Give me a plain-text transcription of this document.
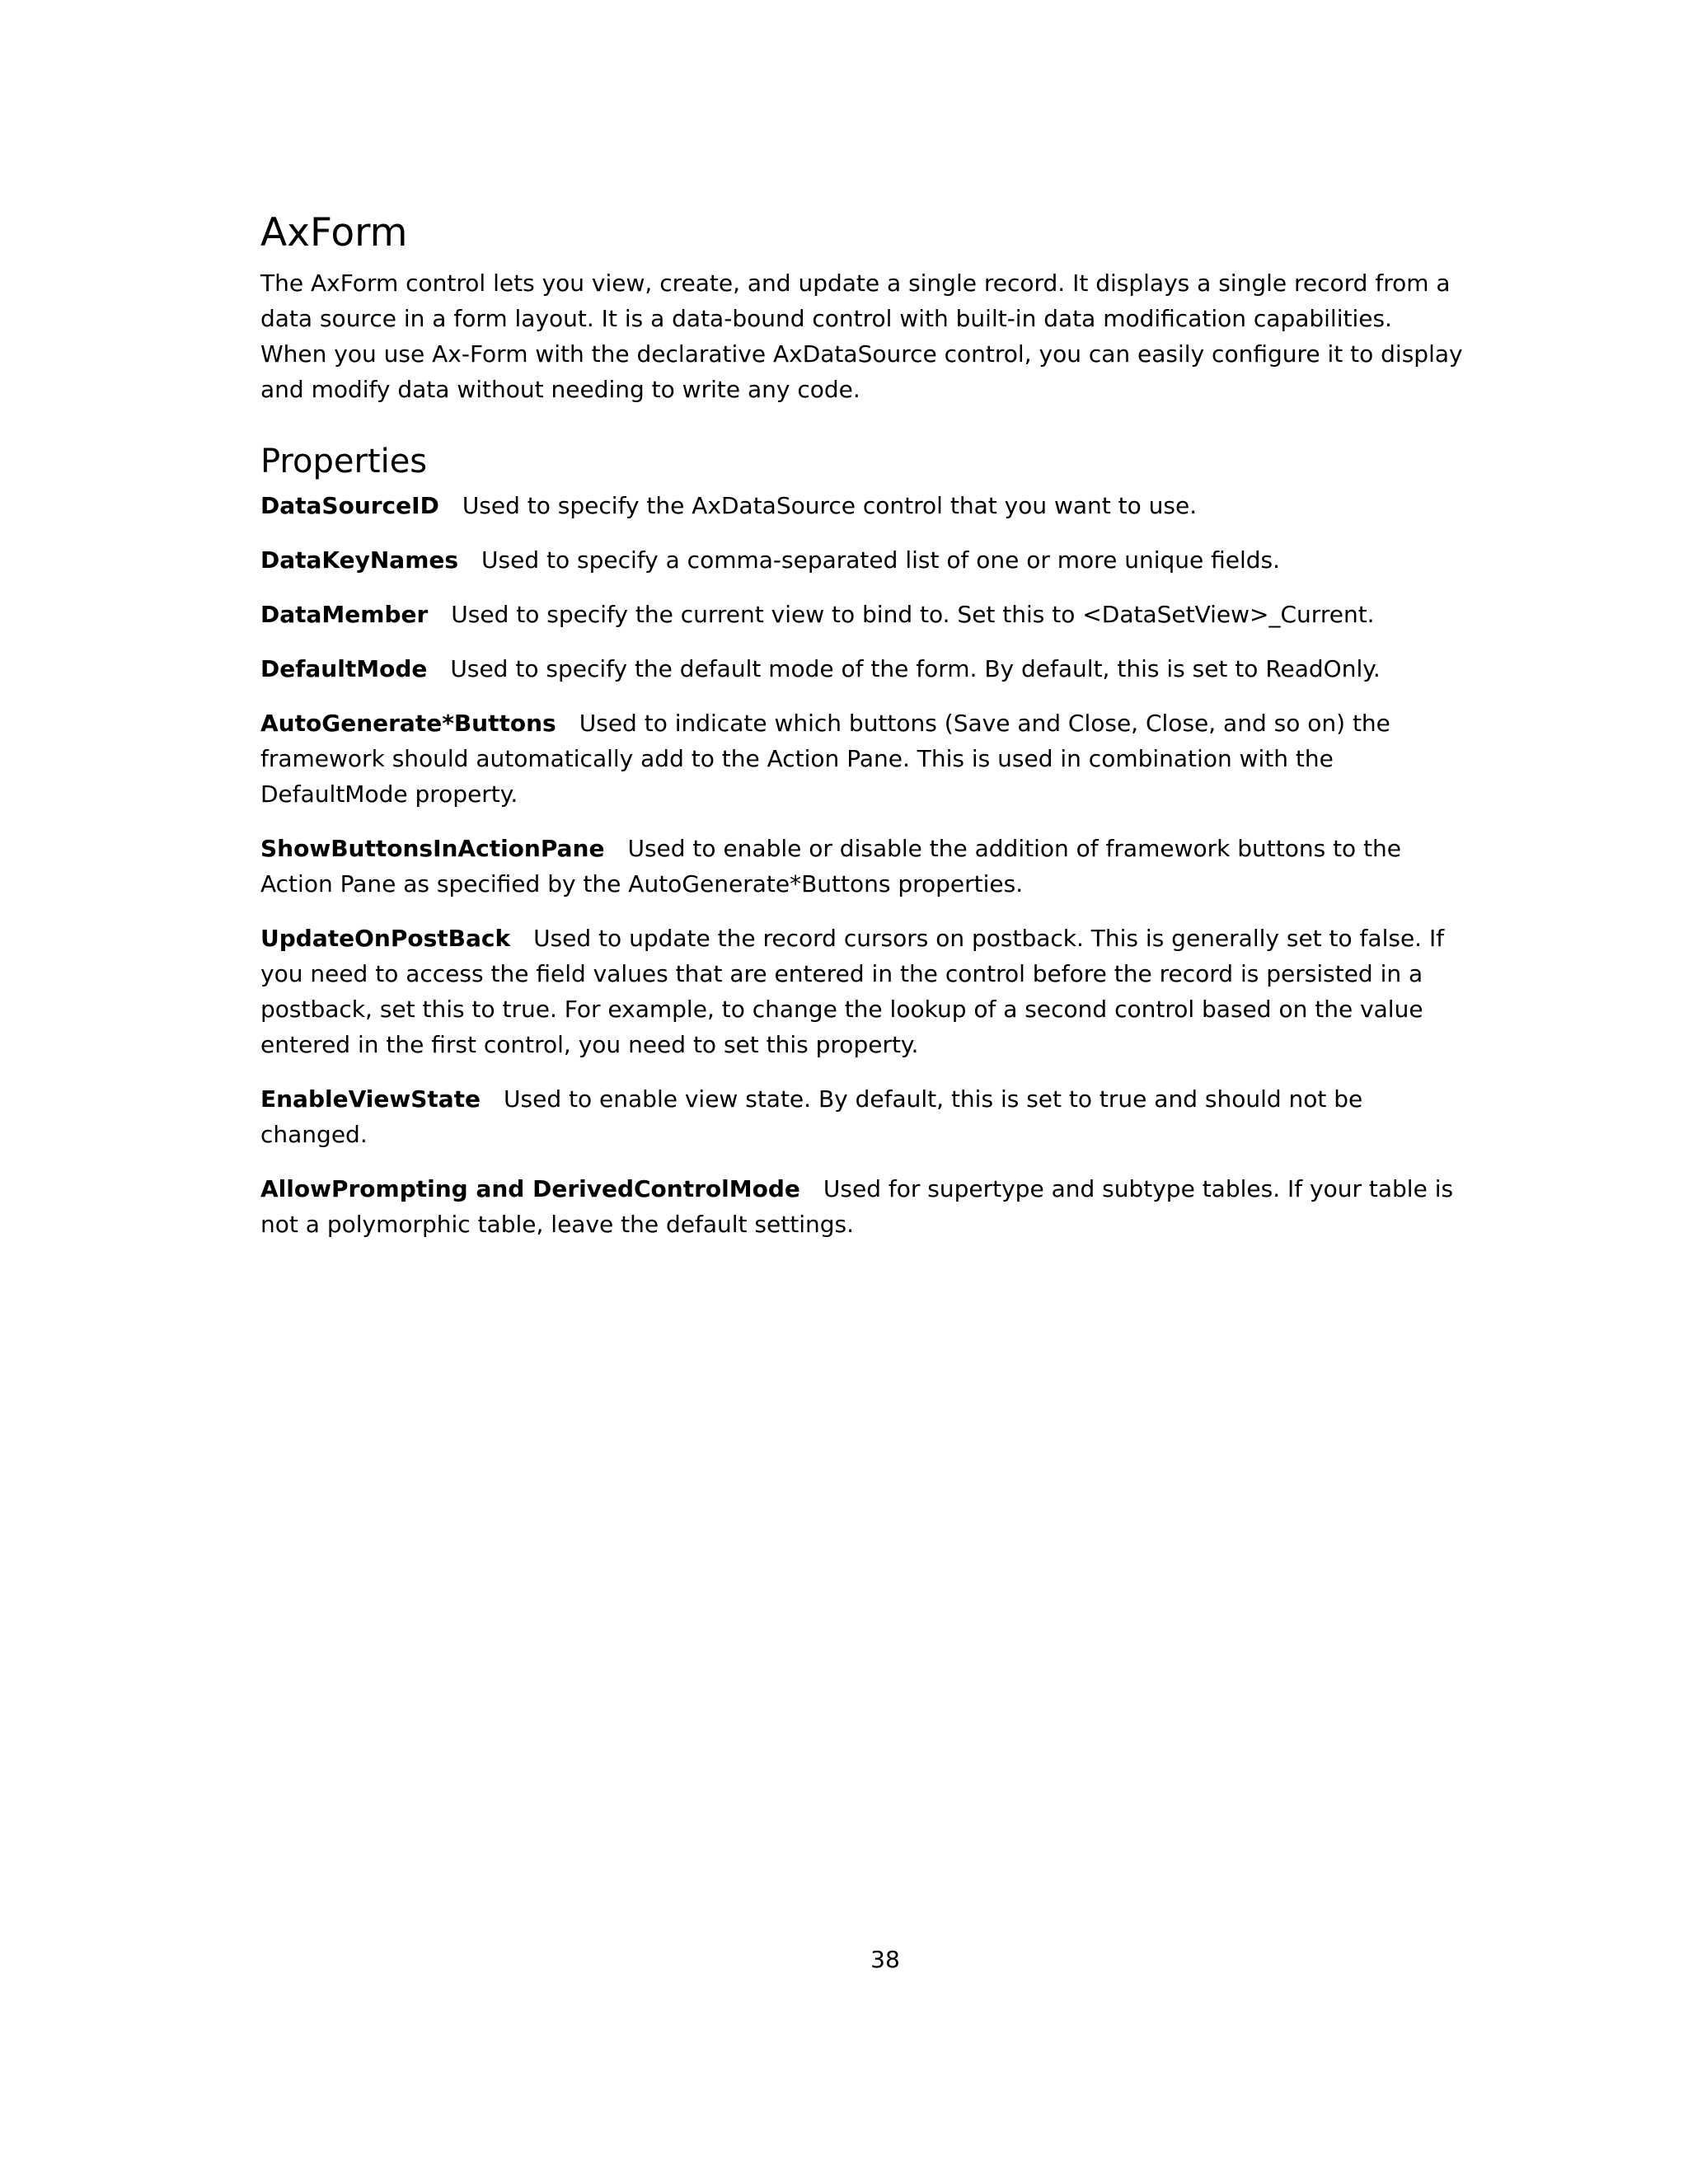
AxForm

The AxForm control lets you view, create, and update a single record. It displays a single record from a data source in a form layout. It is a data-bound control with built-in data modification capabilities. When you use Ax-Form with the declarative AxDataSource control, you can easily configure it to display and modify data without needing to write any code.

Properties

DataSourceID Used to specify the AxDataSource control that you want to use.

DataKeyNames Used to specify a comma-separated list of one or more unique fields.

DataMember Used to specify the current view to bind to. Set this to <DataSetView>_Current.

DefaultMode Used to specify the default mode of the form. By default, this is set to ReadOnly.

AutoGenerate*Buttons Used to indicate which buttons (Save and Close, Close, and so on) the framework should automatically add to the Action Pane. This is used in combination with the DefaultMode property.

ShowButtonsInActionPane Used to enable or disable the addition of framework buttons to the Action Pane as specified by the AutoGenerate*Buttons properties.

UpdateOnPostBack Used to update the record cursors on postback. This is generally set to false. If you need to access the field values that are entered in the control before the record is persisted in a postback, set this to true. For example, to change the lookup of a second control based on the value entered in the first control, you need to set this property.

EnableViewState Used to enable view state. By default, this is set to true and should not be changed.

AllowPrompting and DerivedControlMode Used for supertype and subtype tables. If your table is not a polymorphic table, leave the default settings.

38
